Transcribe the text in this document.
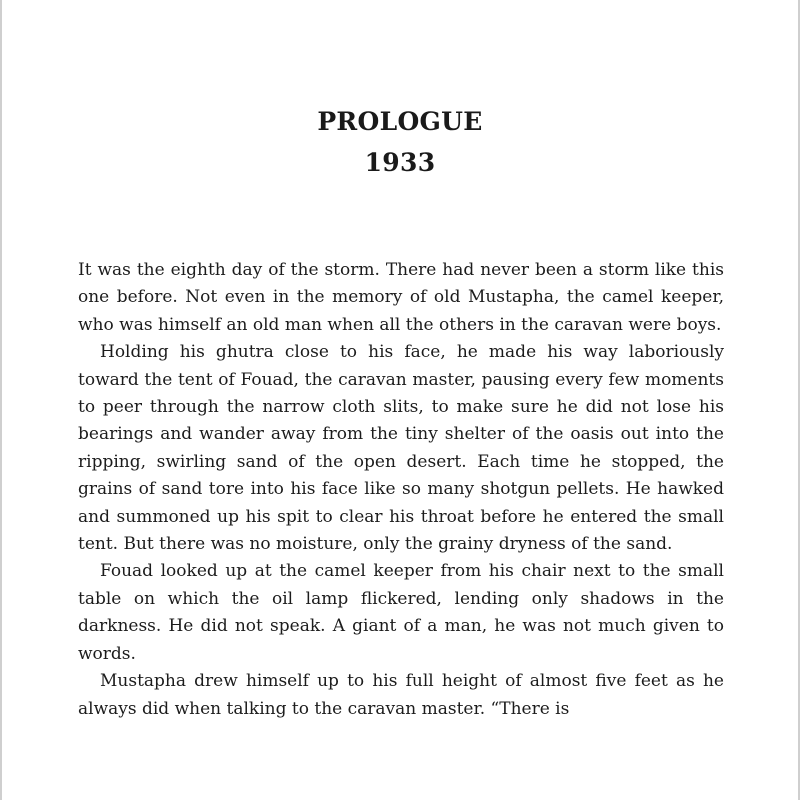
PROLOGUE
1933

It was the eighth day of the storm. There had never been a storm like this one before. Not even in the memory of old Mustapha, the camel keeper, who was himself an old man when all the others in the caravan were boys.

Holding his ghutra close to his face, he made his way laboriously toward the tent of Fouad, the caravan master, pausing every few moments to peer through the narrow cloth slits, to make sure he did not lose his bearings and wander away from the tiny shelter of the oasis out into the ripping, swirling sand of the open desert. Each time he stopped, the grains of sand tore into his face like so many shotgun pellets. He hawked and summoned up his spit to clear his throat before he entered the small tent. But there was no moisture, only the grainy dryness of the sand.

Fouad looked up at the camel keeper from his chair next to the small table on which the oil lamp flickered, lending only shadows in the darkness. He did not speak. A giant of a man, he was not much given to words.

Mustapha drew himself up to his full height of almost five feet as he always did when talking to the caravan master. “There is
